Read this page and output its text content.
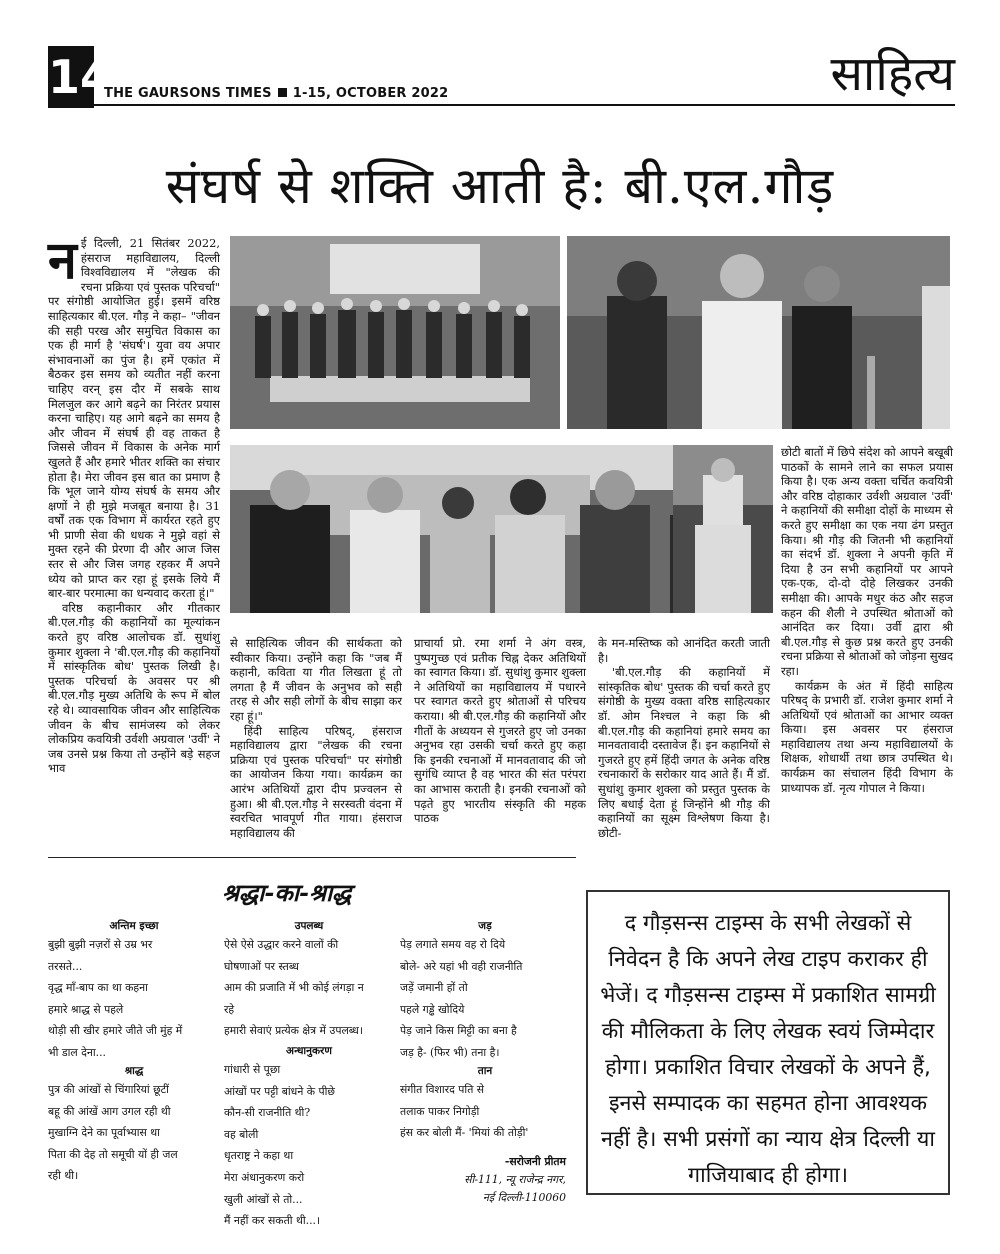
14
THE GAURSONS TIMES 1-15, OCTOBER 2022	साहित्य
संघर्ष से शक्ति आती है: बी.एल.गौड़

नई दिल्ली, 21 सितंबर 2022, हंसराज महाविद्यालय, दिल्ली विश्वविद्यालय में "लेखक की रचना प्रक्रिया एवं पुस्तक परिचर्चा" पर संगोष्ठी आयोजित हुई। इसमें वरिष्ठ साहित्यकार बी.एल. गौड़ ने कहा– "जीवन की सही परख और समुचित विकास का एक ही मार्ग है 'संघर्ष'। युवा वय अपार संभावनाओं का पुंज है। हमें एकांत में बैठकर इस समय को व्यतीत नहीं करना चाहिए वरन् इस दौर में सबके साथ मिलजुल कर आगे बढ़ने का निरंतर प्रयास करना चाहिए। यह आगे बढ़ने का समय है और जीवन में संघर्ष ही वह ताकत है जिससे जीवन में विकास के अनेक मार्ग खुलते हैं और हमारे भीतर शक्ति का संचार होता है। मेरा जीवन इस बात का प्रमाण है कि भूल जाने योग्य संघर्ष के समय और क्षणों ने ही मुझे मजबूत बनाया है। 31 वर्षों तक एक विभाग में कार्यरत रहते हुए भी प्राणी सेवा की धधक ने मुझे वहां से मुक्त रहने की प्रेरणा दी और आज जिस स्तर से और जिस जगह रहकर मैं अपने ध्येय को प्राप्त कर रहा हूं इसके लिये मैं बार-बार परमात्मा का धन्यवाद करता हूं।"

वरिष्ठ कहानीकार और गीतकार बी.एल.गौड़ की कहानियों का मूल्यांकन करते हुए वरिष्ठ आलोचक डॉ. सुधांशु कुमार शुक्ला ने 'बी.एल.गौड़ की कहानियों में सांस्कृतिक बोध' पुस्तक लिखी है। पुस्तक परिचर्चा के अवसर पर श्री बी.एल.गौड़ मुख्य अतिथि के रूप में बोल रहे थे। व्यावसायिक जीवन और साहित्यिक जीवन के बीच सामंजस्य को लेकर लोकप्रिय कवयित्री उर्वशी अग्रवाल 'उर्वी' ने जब उनसे प्रश्न किया तो उन्होंने बड़े सहज भाव

से साहित्यिक जीवन की सार्थकता को स्वीकार किया। उन्होंने कहा कि "जब मैं कहानी, कविता या गीत लिखता हूं तो लगता है मैं जीवन के अनुभव को सही तरह से और सही लोगों के बीच साझा कर रहा हूं।"

हिंदी साहित्य परिषद्, हंसराज महाविद्यालय द्वारा "लेखक की रचना प्रक्रिया एवं पुस्तक परिचर्चा" पर संगोष्ठी का आयोजन किया गया। कार्यक्रम का आरंभ अतिथियों द्वारा दीप प्रज्वलन से हुआ। श्री बी.एल.गौड़ ने सरस्वती वंदना में स्वरचित भावपूर्ण गीत गाया। हंसराज महाविद्यालय की

प्राचार्या प्रो. रमा शर्मा ने अंग वस्त्र, पुष्पगुच्छ एवं प्रतीक चिह्न देकर अतिथियों का स्वागत किया। डॉ. सुधांशु कुमार शुक्ला ने अतिथियों का महाविद्यालय में पधारने पर स्वागत करते हुए श्रोताओं से परिचय कराया। श्री बी.एल.गौड़ की कहानियों और गीतों के अध्ययन से गुजरते हुए जो उनका अनुभव रहा उसकी चर्चा करते हुए कहा कि इनकी रचनाओं में मानवतावाद की जो सुगंधि व्याप्त है वह भारत की संत परंपरा का आभास कराती है। इनकी रचनाओं को पढ़ते हुए भारतीय संस्कृति की महक पाठक

के मन-मस्तिष्क को आनंदित करती जाती है।

'बी.एल.गौड़ की कहानियों में सांस्कृतिक बोध' पुस्तक की चर्चा करते हुए संगोष्ठी के मुख्य वक्ता वरिष्ठ साहित्यकार डॉ. ओम निश्चल ने कहा कि श्री बी.एल.गौड़ की कहानियां हमारे समय का मानवतावादी दस्तावेज हैं। इन कहानियों से गुजरते हुए हमें हिंदी जगत के अनेक वरिष्ठ रचनाकारों के सरोकार याद आते हैं। मैं डॉ. सुधांशु कुमार शुक्ला को प्रस्तुत पुस्तक के लिए बधाई देता हूं जिन्होंने श्री गौड़ की कहानियों का सूक्ष्म विश्लेषण किया है। छोटी-

छोटी बातों में छिपे संदेश को आपने बखूबी पाठकों के सामने लाने का सफल प्रयास किया है। एक अन्य वक्ता चर्चित कवयित्री और वरिष्ठ दोहाकार उर्वशी अग्रवाल 'उर्वी' ने कहानियों की समीक्षा दोहों के माध्यम से करते हुए समीक्षा का एक नया ढंग प्रस्तुत किया। श्री गौड़ की जितनी भी कहानियों का संदर्भ डॉ. शुक्ला ने अपनी कृति में दिया है उन सभी कहानियों पर आपने एक-एक, दो-दो दोहे लिखकर उनकी समीक्षा की। आपके मधुर कंठ और सहज कहन की शैली ने उपस्थित श्रोताओं को आनंदित कर दिया। उर्वी द्वारा श्री बी.एल.गौड़ से कुछ प्रश्न करते हुए उनकी रचना प्रक्रिया से श्रोताओं को जोड़ना सुखद रहा।

कार्यक्रम के अंत में हिंदी साहित्य परिषद् के प्रभारी डॉ. राजेश कुमार शर्मा ने अतिथियों एवं श्रोताओं का आभार व्यक्त किया। इस अवसर पर हंसराज महाविद्यालय तथा अन्य महाविद्यालयों के शिक्षक, शोधार्थी तथा छात्र उपस्थित थे। कार्यक्रम का संचालन हिंदी विभाग के प्राध्यापक डॉ. नृत्य गोपाल ने किया।

श्रद्धा-का-श्राद्ध
अन्तिम इच्छा
बुझी बुझी नज़रों से उम्र भर
तरसते...
वृद्ध माँ-बाप का था कहना
हमारे श्राद्ध से पहले
थोड़ी सी खीर हमारे जीते जी मुंह में
भी डाल देना...
श्राद्ध
पुत्र की आंखों से चिंगारियां छूटीं
बहू की आंखें आग उगल रही थी
मुखाग्नि देने का पूर्वाभ्यास था
पिता की देह तो समूची यों ही जल
रही थी।
उपलब्ध
ऐसे ऐसे उद्धार करने वालों की
घोषणाओं पर स्तब्ध
आम की प्रजाति में भी कोई लंगड़ा न
रहे
हमारी सेवाएं प्रत्येक क्षेत्र में उपलब्ध।
अन्धानुकरण
गांधारी से पूछा
आंखों पर पट्टी बांधने के पीछे
कौन-सी राजनीति थी?
वह बोली
धृतराष्ट्र ने कहा था
मेरा अंधानुकरण करो
खुली आंखों से तो...
मैं नहीं कर सकती थी...।
जड़
पेड़ लगाते समय वह रो दिये
बोले- अरे यहां भी वही राजनीति
जड़ें जमानी हों तो
पहले गड्ढे खोदिये
पेड़ जाने किस मिट्टी का बना है
जड़ है- (फिर भी) तना है।
तान
संगीत विशारद पति से
तलाक पाकर निगोड़ी
हंस कर बोली मैं- 'मियां की तोड़ी'
-सरोजनी प्रीतम
सी-111, न्यू राजेन्द्र नगर,
नई दिल्ली-110060
द गौड़सन्स टाइम्स के सभी लेखकों से निवेदन है कि अपने लेख टाइप कराकर ही भेजें। द गौड़सन्स टाइम्स में प्रकाशित सामग्री की मौलिकता के लिए लेखक स्वयं जिम्मेदार होगा। प्रकाशित विचार लेखकों के अपने हैं, इनसे सम्पादक का सहमत होना आवश्यक नहीं है। सभी प्रसंगों का न्याय क्षेत्र दिल्ली या गाजियाबाद ही होगा।
